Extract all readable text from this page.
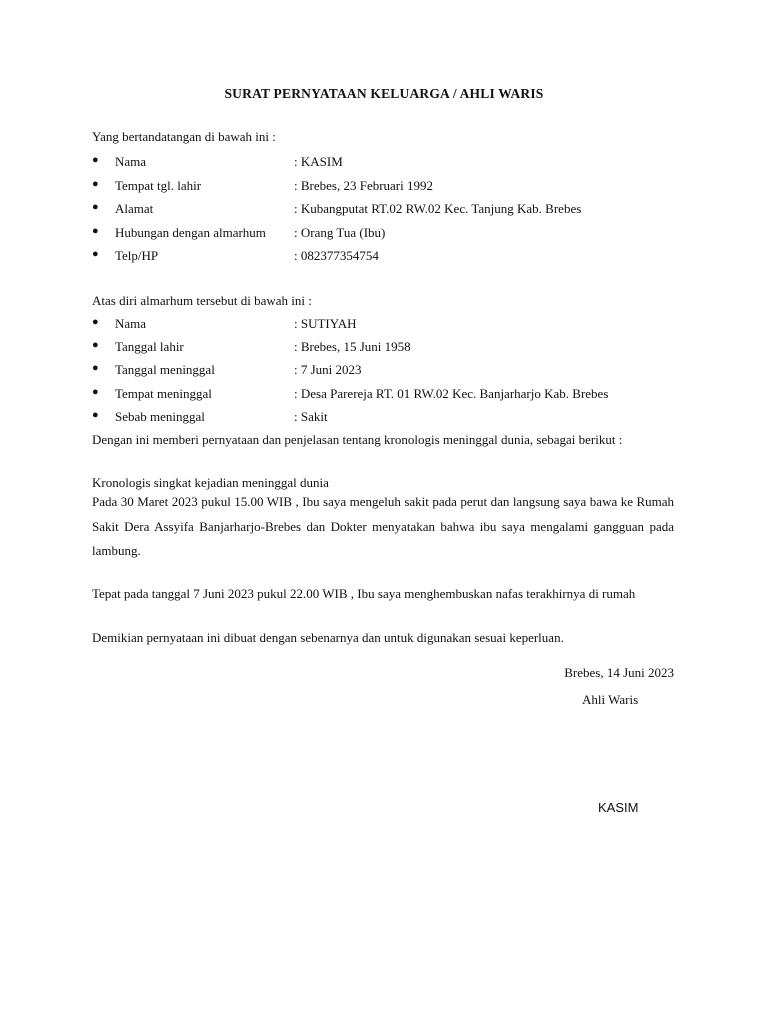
SURAT PERNYATAAN KELUARGA / AHLI WARIS
Yang bertandatangan di bawah ini :
● Nama	: KASIM
● Tempat tgl. lahir	: Brebes, 23 Februari 1992
● Alamat	: Kubangputat RT.02 RW.02 Kec. Tanjung Kab. Brebes
● Hubungan dengan almarhum : Orang Tua (Ibu)
● Telp/HP	: 082377354754
Atas diri almarhum tersebut di bawah ini :
● Nama	: SUTIYAH
● Tanggal lahir	: Brebes, 15 Juni 1958
● Tanggal meninggal	: 7 Juni 2023
● Tempat meninggal	: Desa Parereja RT. 01 RW.02 Kec. Banjarharjo Kab. Brebes
● Sebab meninggal	: Sakit
Dengan ini memberi pernyataan dan penjelasan tentang kronologis meninggal dunia, sebagai berikut :
Kronologis singkat kejadian meninggal dunia
Pada 30 Maret 2023 pukul 15.00 WIB , Ibu saya mengeluh sakit pada perut dan langsung saya bawa ke Rumah Sakit Dera Assyifa Banjarharjo-Brebes dan Dokter menyatakan bahwa ibu saya mengalami gangguan pada lambung.
Tepat pada tanggal 7 Juni 2023 pukul 22.00 WIB , Ibu saya menghembuskan nafas terakhirnya di rumah
Demikian pernyataan ini dibuat dengan sebenarnya dan untuk digunakan sesuai keperluan.
Brebes, 14 Juni 2023
Ahli Waris
KASIM
